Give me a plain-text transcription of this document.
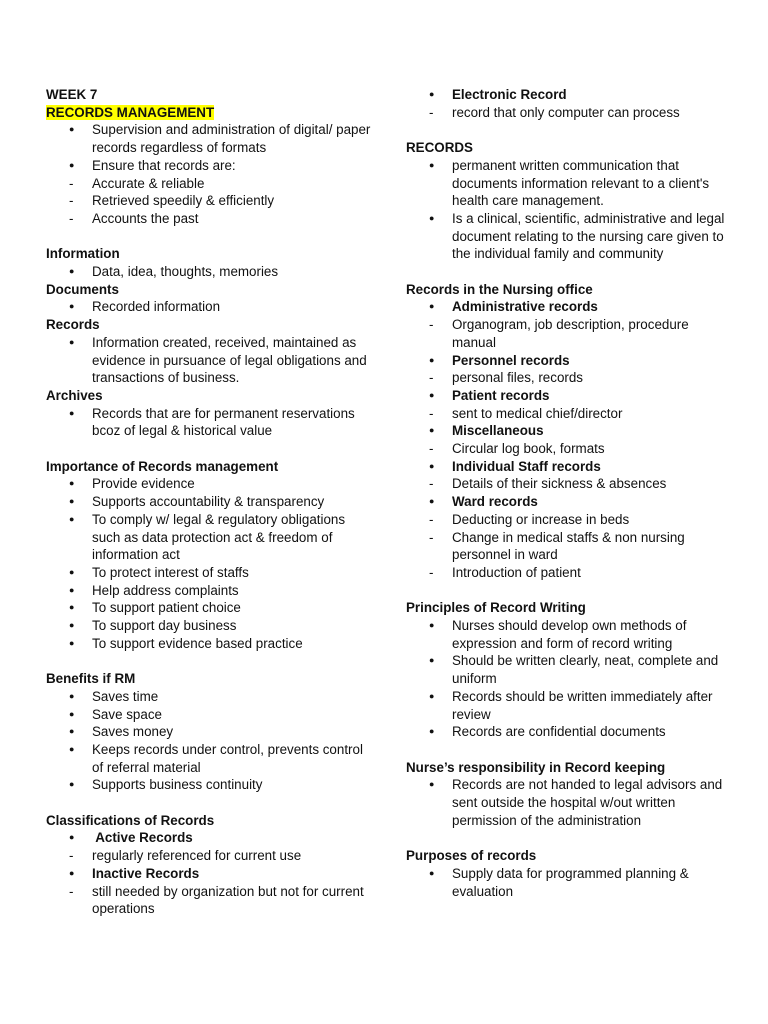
WEEK 7
RECORDS MANAGEMENT
● Supervision and administration of digital/ paper records regardless of formats
● Ensure that records are:
- Accurate & reliable
- Retrieved speedily & efficiently
- Accounts the past
Information
● Data, idea, thoughts, memories
Documents
● Recorded information
Records
● Information created, received, maintained as evidence in pursuance of legal obligations and transactions of business.
Archives
● Records that are for permanent reservations bcoz of legal & historical value
Importance of Records management
● Provide evidence
● Supports accountability & transparency
● To comply w/ legal & regulatory obligations such as data protection act & freedom of information act
● To protect interest of staffs
● Help address complaints
● To support patient choice
● To support day business
● To support evidence based practice
Benefits if RM
● Saves time
● Save space
● Saves money
● Keeps records under control, prevents control of referral material
● Supports business continuity
Classifications of Records
●  Active Records
- regularly referenced for current use
● Inactive Records
- still needed by organization but not for current operations
● Electronic Record
- record that only computer can process
RECORDS
● permanent written communication that documents information relevant to a client's health care management.
● Is a clinical, scientific, administrative and legal document relating to the nursing care given to the individual family and community
Records in the Nursing office
● Administrative records
- Organogram, job description, procedure manual
● Personnel records
- personal files, records
● Patient records
- sent to medical chief/director
● Miscellaneous
- Circular log book, formats
● Individual Staff records
- Details of their sickness & absences
● Ward records
- Deducting or increase in beds
- Change in medical staffs & non nursing personnel in ward
- Introduction of patient
Principles of Record Writing
● Nurses should develop own methods of expression and form of record writing
● Should be written clearly, neat, complete and uniform
● Records should be written immediately after review
● Records are confidential documents
Nurse’s responsibility in Record keeping
● Records are not handed to legal advisors and sent outside the hospital w/out written permission of the administration
Purposes of records
● Supply data for programmed planning & evaluation
